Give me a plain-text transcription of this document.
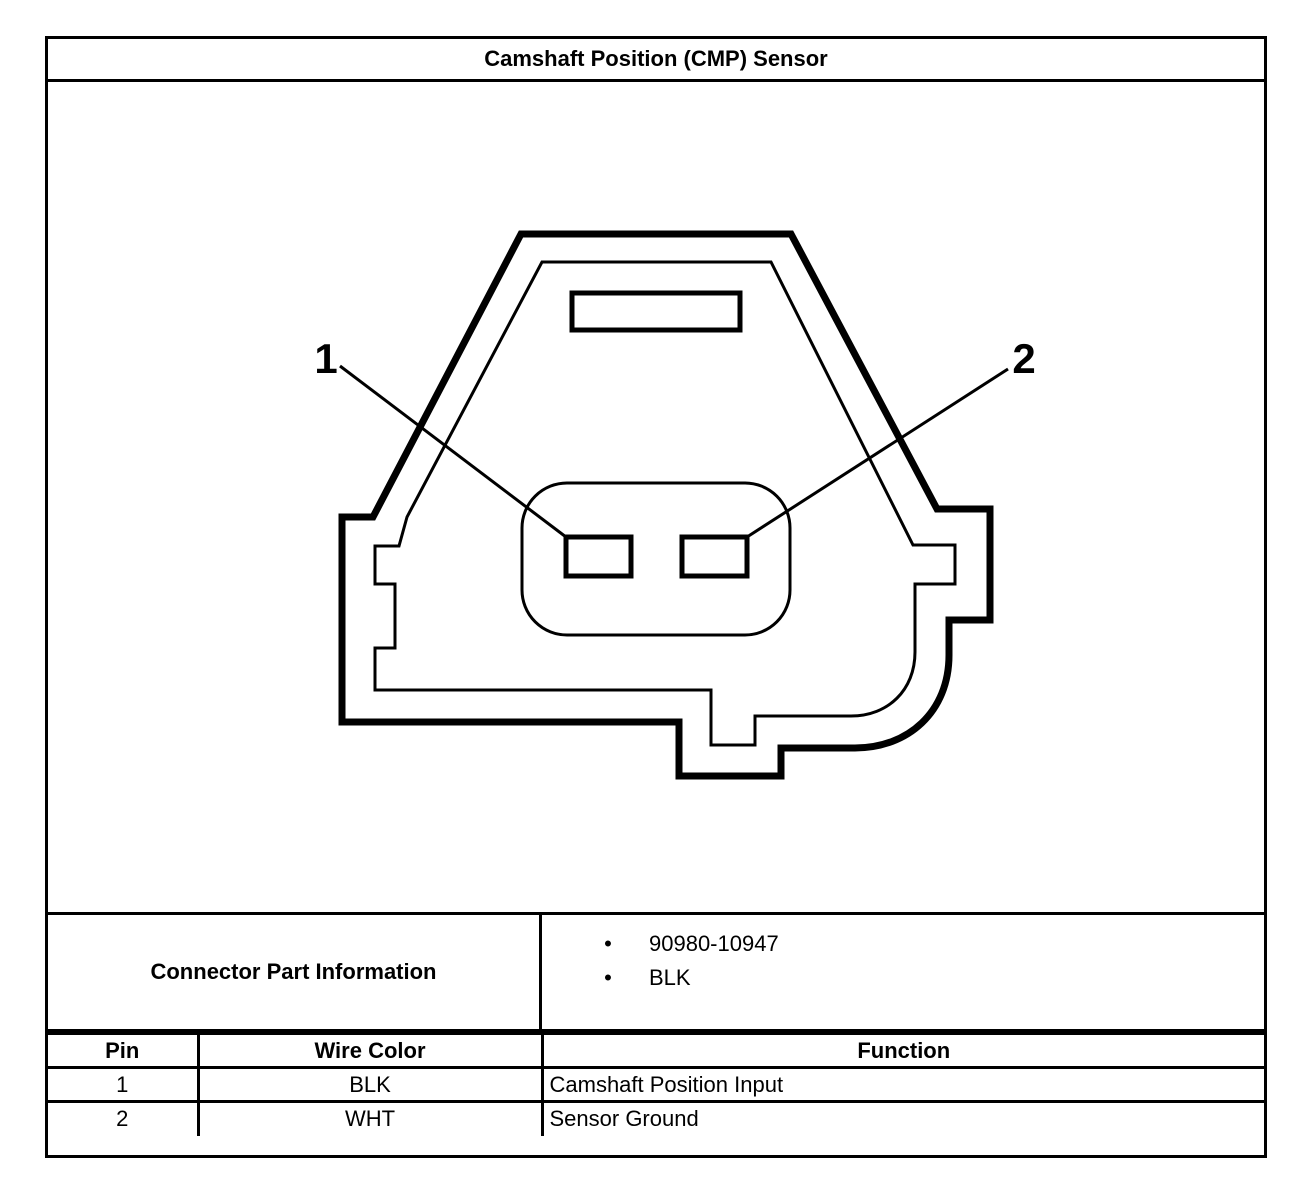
Camshaft Position (CMP) Sensor
1	2
Connector Part Information
• 90980-10947
• BLK
Pin	Wire Color	Function
1	BLK	Camshaft Position Input
2	WHT	Sensor Ground
